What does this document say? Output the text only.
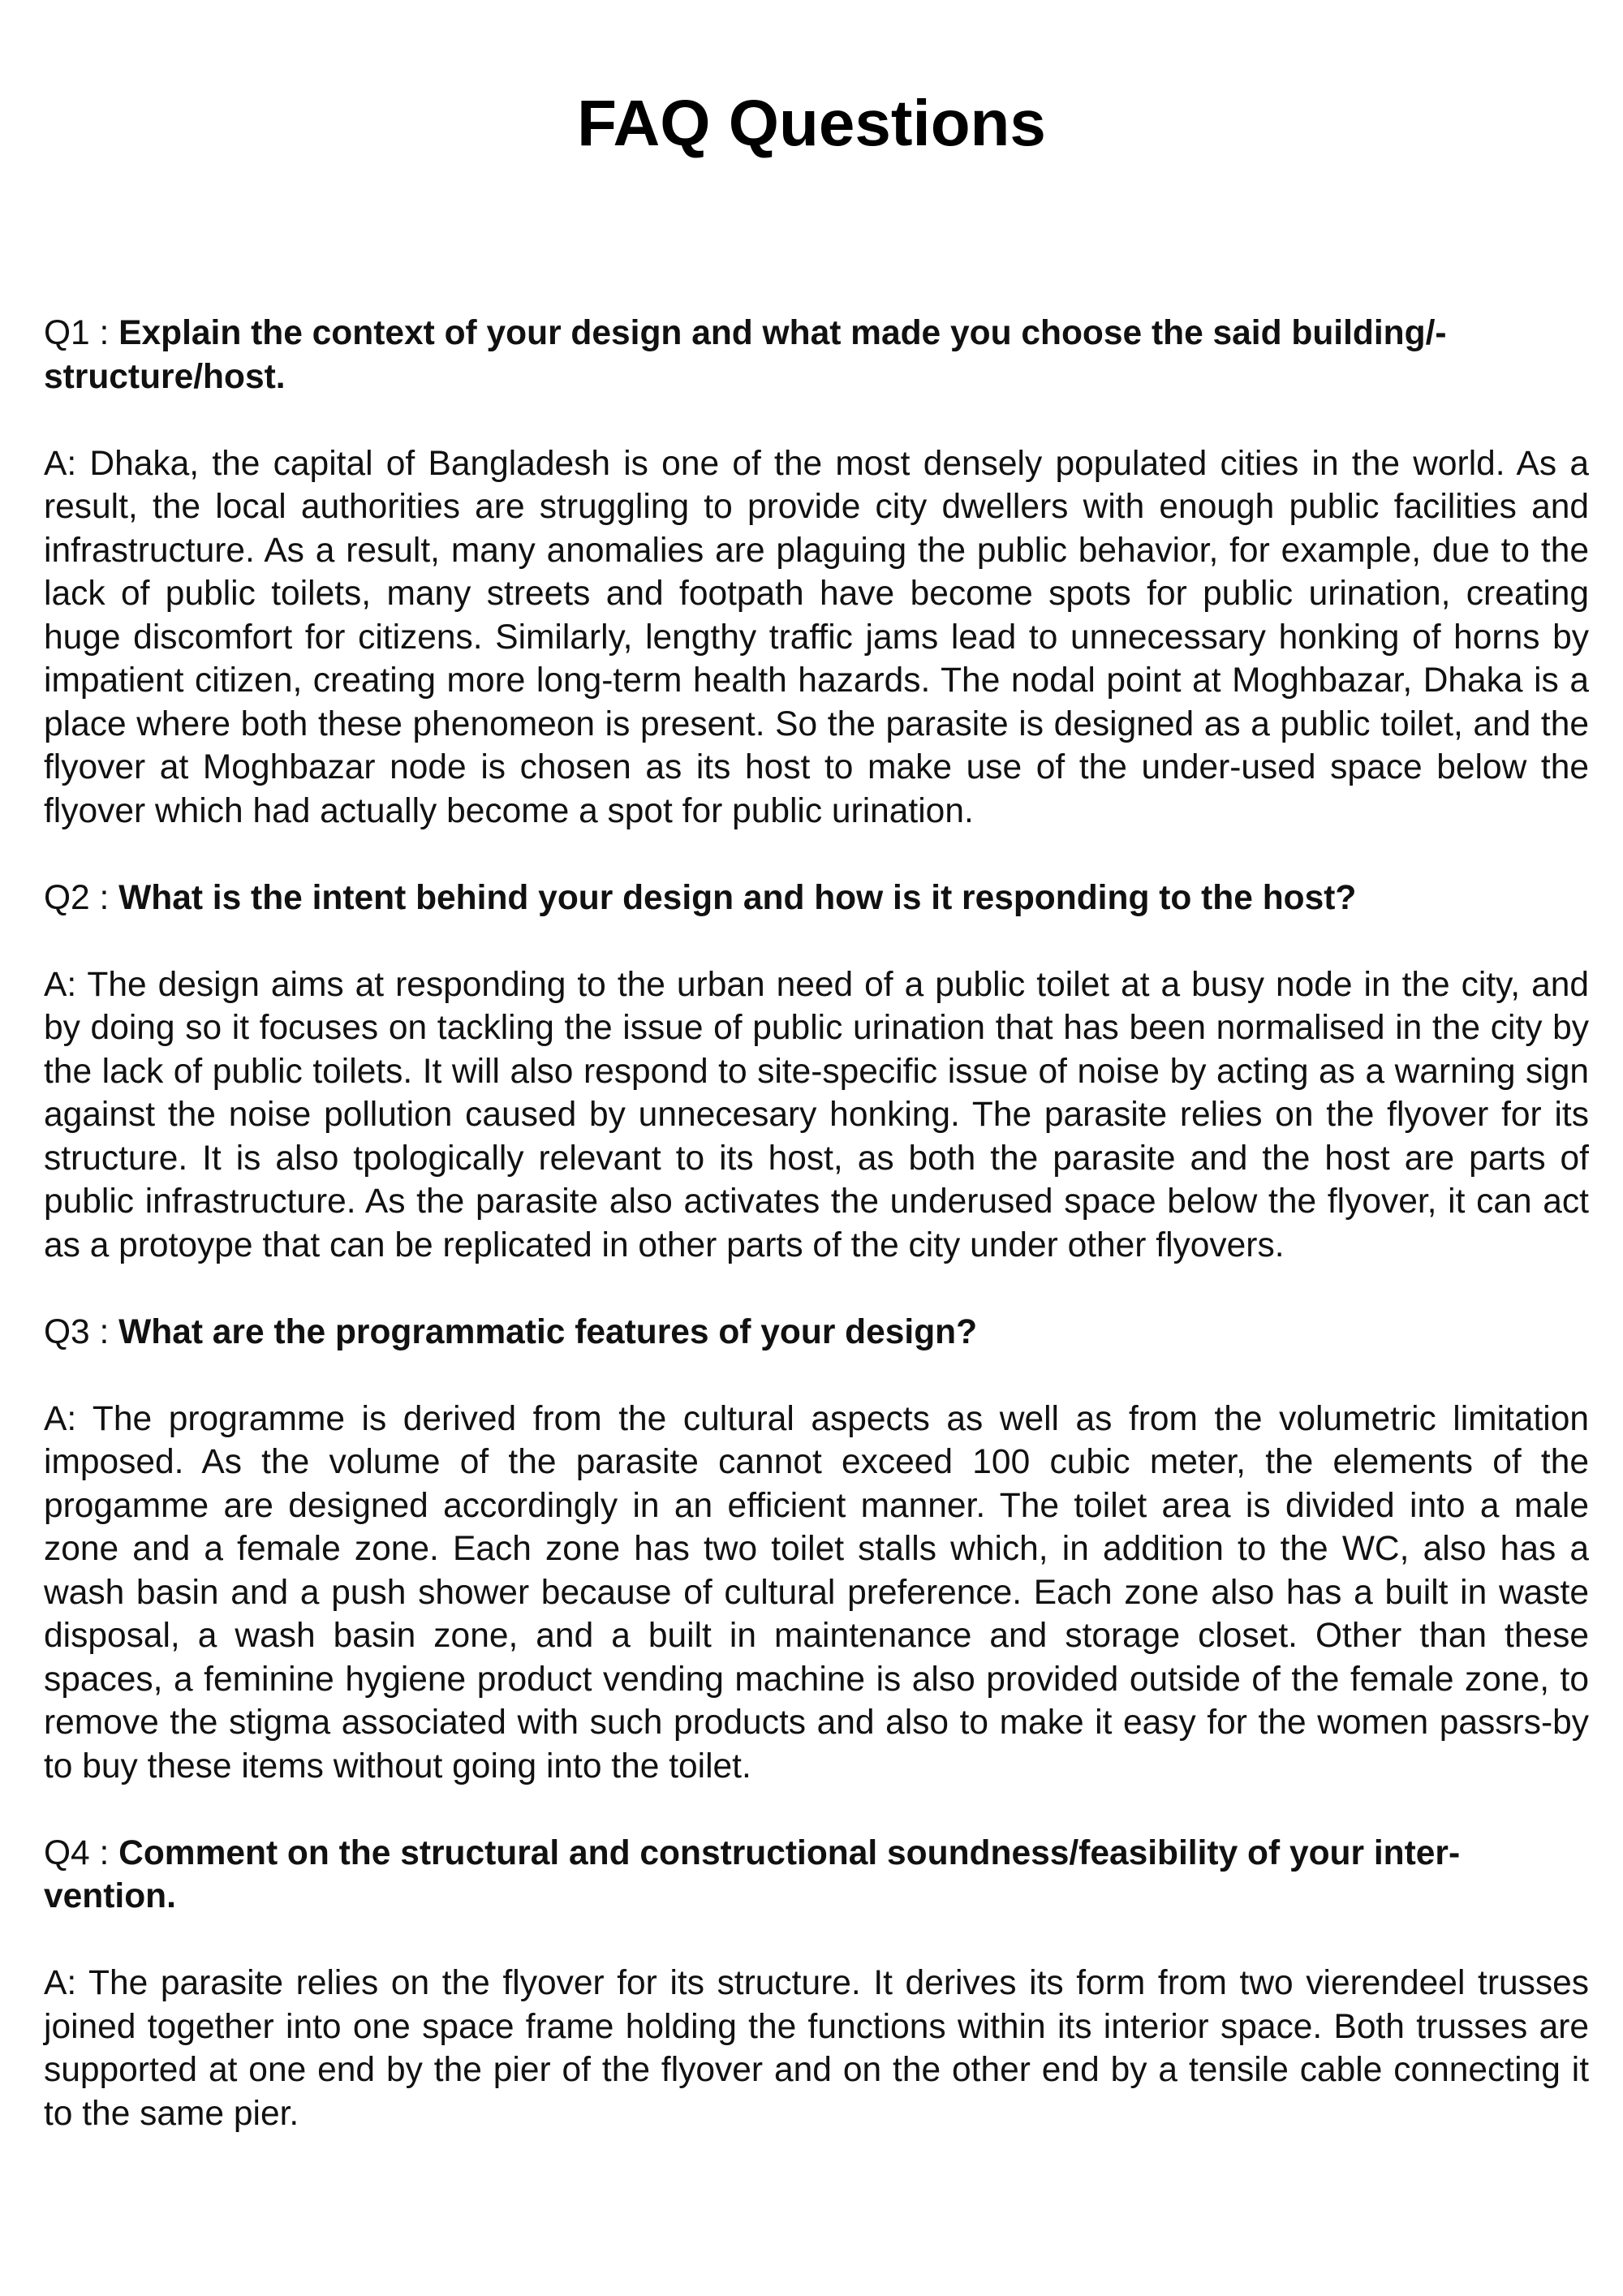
FAQ Questions

Q1 : Explain the context of your design and what made you choose the said building/-structure/host.

A: Dhaka, the capital of Bangladesh is one of the most densely populated cities in the world. As a result, the local authorities are struggling to provide city dwellers with enough public facilities and infrastructure. As a result, many anomalies are plaguing the public behavior, for example, due to the lack of public toilets, many streets and footpath have become spots for public urination, creating huge discomfort for citizens. Similarly, lengthy traffic jams lead to unnecessary honking of horns by impatient citizen, creating more long-term health hazards. The nodal point at Moghbazar, Dhaka is a place where both these phenomeon is present. So the parasite is designed as a public toilet, and the flyover at Moghbazar node is chosen as its host to make use of the under-used space below the flyover which had actually become a spot for public urination.

Q2 : What is the intent behind your design and how is it responding to the host?

A: The design aims at responding to the urban need of a public toilet at a busy node in the city, and by doing so it focuses on tackling the issue of public urination that has been normalised in the city by the lack of public toilets. It will also respond to site-specific issue of noise by acting as a warning sign against the noise pollution caused by unnecesary honking. The parasite relies on the flyover for its structure. It is also tpologically relevant to its host, as both the parasite and the host are parts of public infrastructure. As the parasite also activates the underused space below the flyover, it can act as a protoype that can be replicated in other parts of the city under other flyovers.

Q3 : What are the programmatic features of your design?

A: The programme is derived from the cultural aspects as well as from the volumetric limitation imposed. As the volume of the parasite cannot exceed 100 cubic meter, the elements of the progamme are designed accordingly in an efficient manner. The toilet area is divided into a male zone and a female zone. Each zone has two toilet stalls which, in addition to the WC, also has a wash basin and a push shower because of cultural preference. Each zone also has a built in waste disposal, a wash basin zone, and a built in maintenance and storage closet. Other than these spaces, a feminine hygiene product vending machine is also provided outside of the female zone, to remove the stigma associated with such products and also to make it easy for the women passrs-by to buy these items without going into the toilet.

Q4 : Comment on the structural and constructional soundness/feasibility of your inter-vention.

A: The parasite relies on the flyover for its structure. It derives its form from two vierendeel trusses joined together into one space frame holding the functions within its interior space. Both trusses are supported at one end by the pier of the flyover and on the other end by a tensile cable connecting it to the same pier.
